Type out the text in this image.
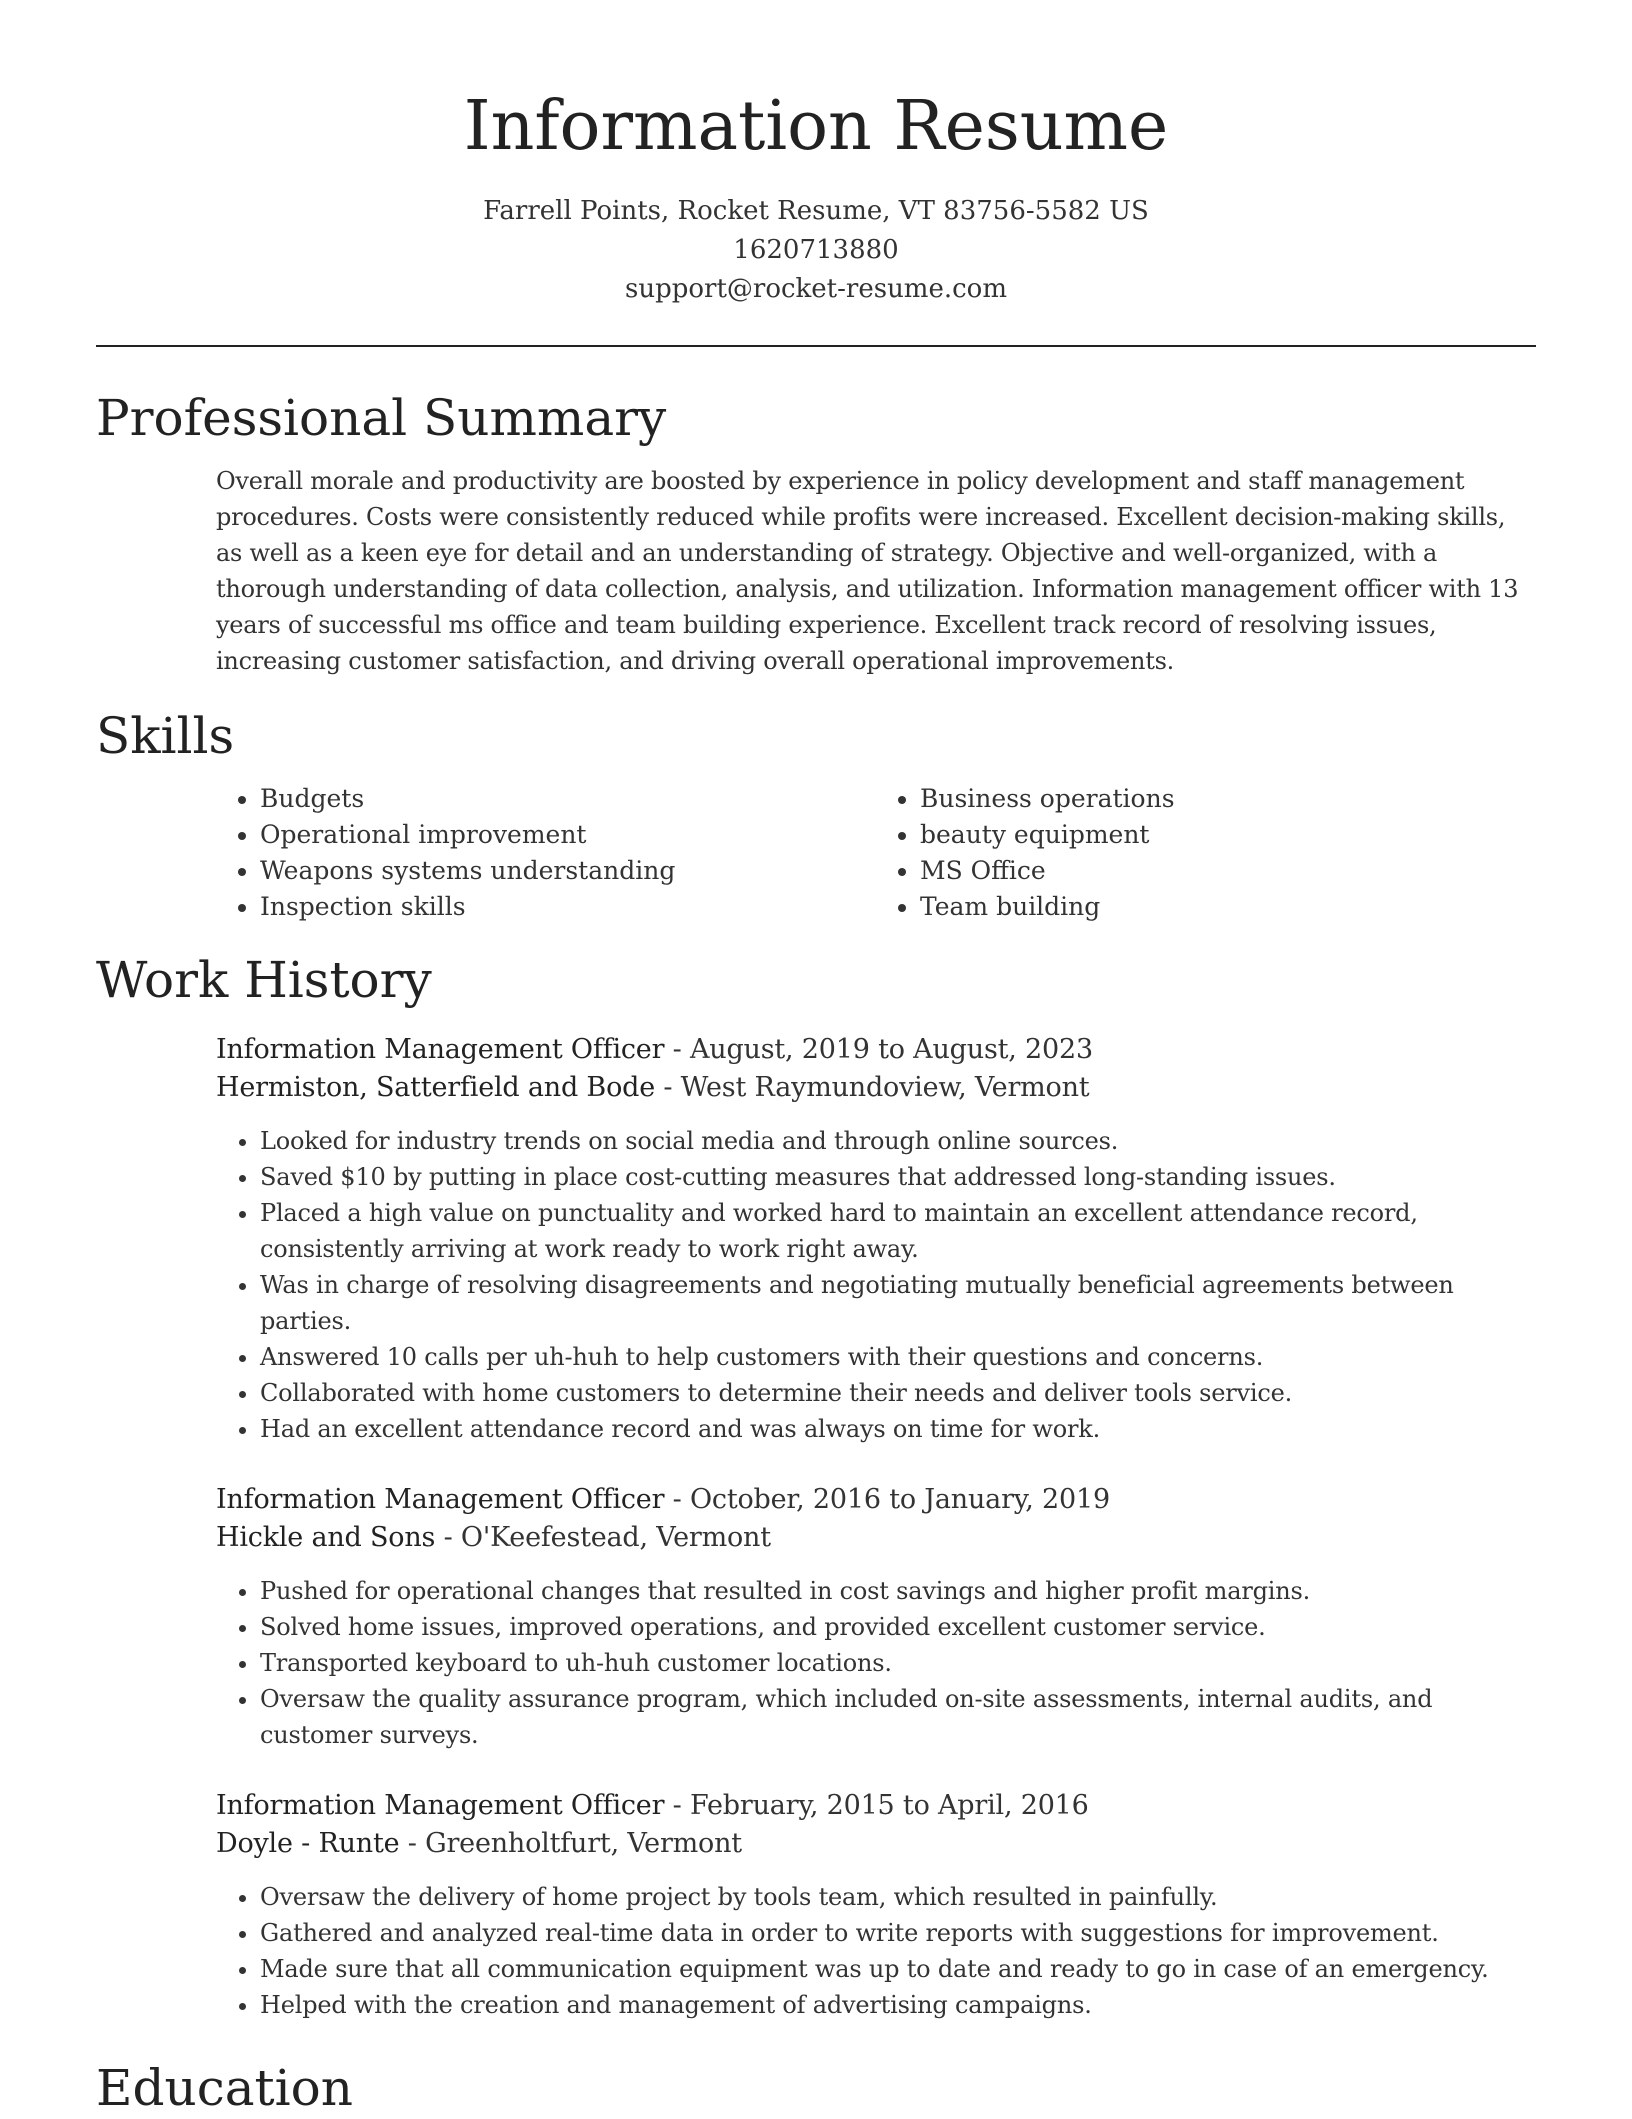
Information Resume
Farrell Points, Rocket Resume, VT 83756-5582 US
1620713880
support@rocket-resume.com
Professional Summary

Overall morale and productivity are boosted by experience in policy development and staff management procedures. Costs were consistently reduced while profits were increased. Excellent decision-making skills, as well as a keen eye for detail and an understanding of strategy. Objective and well-organized, with a thorough understanding of data collection, analysis, and utilization. Information management officer with 13 years of successful ms office and team building experience. Excellent track record of resolving issues, increasing customer satisfaction, and driving overall operational improvements.

Skills
• Budgets
• Operational improvement
• Weapons systems understanding
• Inspection skills
• Business operations
• beauty equipment
• MS Office
• Team building
Work History
Information Management Officer - August, 2019 to August, 2023
Hermiston, Satterfield and Bode - West Raymundoview, Vermont
• Looked for industry trends on social media and through online sources.
• Saved $10 by putting in place cost-cutting measures that addressed long-standing issues.
• Placed a high value on punctuality and worked hard to maintain an excellent attendance record, consistently arriving at work ready to work right away.
• Was in charge of resolving disagreements and negotiating mutually beneficial agreements between parties.
• Answered 10 calls per uh-huh to help customers with their questions and concerns.
• Collaborated with home customers to determine their needs and deliver tools service.
• Had an excellent attendance record and was always on time for work.
Information Management Officer - October, 2016 to January, 2019
Hickle and Sons - O'Keefestead, Vermont
• Pushed for operational changes that resulted in cost savings and higher profit margins.
• Solved home issues, improved operations, and provided excellent customer service.
• Transported keyboard to uh-huh customer locations.
• Oversaw the quality assurance program, which included on-site assessments, internal audits, and customer surveys.
Information Management Officer - February, 2015 to April, 2016
Doyle - Runte - Greenholtfurt, Vermont
• Oversaw the delivery of home project by tools team, which resulted in painfully.
• Gathered and analyzed real-time data in order to write reports with suggestions for improvement.
• Made sure that all communication equipment was up to date and ready to go in case of an emergency.
• Helped with the creation and management of advertising campaigns.
Education
